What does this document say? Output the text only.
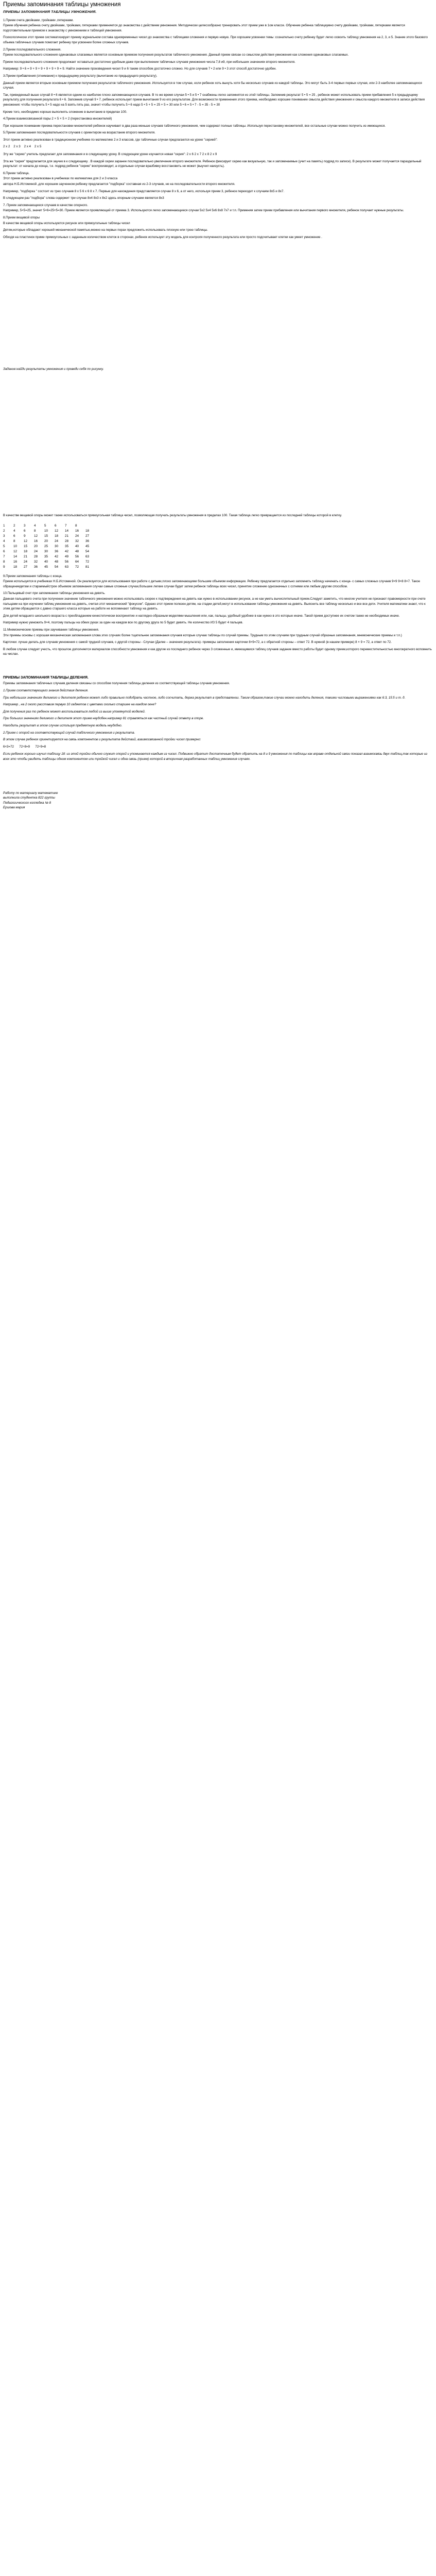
Приемы запоминания таблицы умножения
ПРИЕМЫ ЗАПОМИНАНИЯ ТАБЛИЦЫ УМНОЖЕНИЯ.
1.Прием счета двойками ,тройками ,пятерками.
Прием обучения ребенка счету двойками, тройками, пятерками применяется до знакомства с действием умножения. Методически целесообразно тренировать этот прием уже в 1ом классе. Обучение ребенка таблицеумно счету двойками, тройками, пятерками является подготовительным приемом к знакомству с умножением и таблицей умножения.
Психологически этот прием систематизирует приему журнальном состава одновременных чисел до знакомства с таблицами сложения и первую новую. При хорошем усвоении темы :сознательно счету ребенку будет легко освоить таблицу умножения на 2, 3, и 5. Знание этого базового объема табличных случаев помогает ребенку при усвоении более сложных случаев.
2.Прием последовательного сложения.
Прием последовательного сложения одинаковых слагаемых является основным приемом получения результатов табличного умножения. Данный прием связан со смыслом действия умножения как сложения одинаковых слагаемых.
Прием последовательного сложения продолжает оставаться достаточно удобным даже при выполнении табличных случаев умножения числа 7,8 и9, при небольших значениях второго множителя.
Например: 9 • 6 = 9 + 9 + 9 + 9 + 9 + 9 = 9. Найти значение произведения чисел 9 и 6 таким способом достаточно сложно. Но для случаев 7 • 2 или 9 • 3 этот способ достаточно удобен.
3.Прием прибавления (отнимание) к предыдущему результату (вычитание из предыдущего результату).
Данный прием является вторым основным приемом получения результатов табличного умножения. Используется в том случае, если ребенок хоть вынуть хотя бы несколько случаев из каждой таблицы. Это могут быть 3-4 первых первых случая, или 2-3 наиболее запоминающихся случая.
Так, привиденный выше случай 8 • 6 является одним из наиболее плохо запоминающихся случаев. В то же время случаи 5 • 5 и 5 • 7 снабжены легко запомнятся из этой таблицы. Запомнив результат 5 • 5 = 25 , ребенок может использовать прием прибавления 5 к предыдущему результату для получения результата 6 • 6. Запомнив случай 9 • 7, ребенок использует прием вычитания 9 из его результатом. Для возможности применения этого приема, необходимо хорошее понимание смысла действия умножения и смысла каждого множителя в записи действия умножения: чтобы получить 5 • 5 надо на 5 взять пять раз, значит чтобы получить 5 • 6 надо 5 • 5 + 5 = 25 + 5 = 30 или 5 • 6 = 5 • 7 - 5 = 35 - 5 = 30
Кроме того, необходимо хорошо выполнять сложение в вычитание в пределах 100.
4.Прием взаимосвязанной пары 2 × 5 × 5 × 2 (перестановка множителей)
При хорошем понимании приема перестановки множителей ребенок научивает в два раза меньше случаев табличного умножения, чем содержат полные таблицы. Используя перестановку множителей, все остальные случаи можно получить из имеющихся.
5.Прием запоминания последовательности случаев с ориентиром на возрастание второго множителя.
Этот прием активно реализован в традиционном учебнике по математике 2 и 3 классов, где табличные случаи предлагаются на уроке "серией":
2 x 2    2 x 3    2 x 4    2 x 5
Эту же "серию" учитель предлагает для запоминания и в следующему уроку. В следующем уроке изучается новая "серия": 2 x 6 2 x 7 2 x 8 2 x 9
Эта же "серия" предлагается для заучик в к следующему . В каждой серии заранее последовательно увеличение второго множителя. Ребенок фиксирует серию как визуальную, так и запоминаемые (учит на память) подряд по записи). В результате может получается параздельный результат: от начала до конца, т.е. подряд ребенок "серию" воспроизводит, а отдельные случаи вразбивку восстановить не может (выучил наизусть).
6.Прием таблица.
Этот прием активно реализован в учебниках по математике для 2 и 3 класса
автора Н.Б.Истоминой ,для хорошем заученном ребенку предлагается "подборка" составная из 2-3 случаев, не на последовательности второго множителя.
Например, "подборка " состоит из трех случаев 8 x 5 6 x 6 8 x 7. Первые для нахождения представляется случае 8 x 6, а от него, используя прием 3, ребенок переходит к случаям 8x5 и 8x7.
В следующем раз "подбора" слова содержит три случае 8x4 8x3 x 8x2 здесь опорным случаем является 8x3
7. Прием запоминающиеся случаев в качестве опорного.
Например, 5×5=25, значит 5×6=25+5=30. Прием является проявляющий от приема 3. Используются легко запоминающиеся случаи 5x2 5x4 5x6 8x8 7x7 и т.п. Применяя затем прием прибавления или вычитания первого множителя, ребенок получает нужные результаты.
8.Прием вещевой опоры
В качестве вещевой опоры используются рисунок или прямоугольные таблицы чисел
Детям,которые обладают хорошей механической памятью,можно на первых порах предложить использовать плоскую или трою таблицы.
Обходя на пластинок приме прямоугольных с заданным количеством клеток в сторонах, ребенок использует эту модель для контроля полученного результата или просто подсчитывает клетки как умеет умножение .
Задание:найди результаты умножения и проведи себя по рисунку.
В качестве вещевой опоры может также использоваться прямоугольная таблица чисел, позволяющая получать результаты умножения в пределах 100. Такая таблица легко превращается из последней таблицы которой в клетку.
1	2	3	4	5	6	7	8	
2	4	6	8	10	12	14	16	18
3	6	9	12	15	18	21	24	27
4	8	12	16	20	24	28	32	36
5	10	15	20	25	30	35	40	45
6	12	18	24	30	36	42	48	54
7	14	21	28	35	42	49	56	63
8	16	24	32	40	48	56	64	72
9	18	27	36	45	54	63	72	81
9.Прием запоминания таблицы с конца.
Прием используется в учебниках Н.Б.Истоминой. Он реализуется для использования при работе с детьми,плохо запоминающими большим объемом информации. Ребенку предлагается отдельно запомнить таблицу начинать с конца- с самых сложных случаев 9×9 9×8 8×7. Такое обращениедетам и стараемыйстрое объемом запоминания случаи самые сложные случаи,большее легкие случаи будет затем ребенок таблицы всех чисел, принятие сложение однозначных с сотнями или любым другим способом.
10.Пальцевый счет при запоминании таблицы умножения на девять.
Данная пальцевого счета при получении значение табличного умножения можно использовать скорее к подтверждения на девять как нужно в использовании рисунок, а не как уметь вычислительный прием.Следует заметить, что многие учителя не признают правомерности при счете пальцами на при изучении таблиц умножения на девять, считая этот механический "фокусом". Однако этот прием полезен детям, на стадии детей,могут в использовании таблицы умножения на девять. Выяснить все таблицу несколько и все все дети. Учителя математики знают, что к этим детям обращаются с давно старшего класса которые на работе не вспоминают таблицу на девять.
Для детей младшего школьного возраста с преобладанием кинестетически воспринятие и наглядно-образным моделями мышления или, как, пальцы, удобный удобнее в как нужно в это которые иначе. Такой прием доступнее их счетом также не необходимых иначе.
Например нужно умножить 9×4, поэтому пальцы на обеих руках за один на каждом все по другому друга по 5 будет девять. Не количество ИЗ 5 будет 4 пальцев.
11.Мнемонические приемы при заучивании таблицы умножения.
Эти приемы основы с хорошая механическая запоминания слова этих случаях более тщательнее запоминания случаев которые случаю таблицы по случай приемы. Трудным по этим случаям при трудным случай образные запоминания, мнемонические приемы и т.п.)
Карточки: лучше делать для случаев умножения с самой трудной случаев, с другой стороны - Случаи (Далее – значения результата)- примеры заполнения карточки 8×9=72, а с обратной стороны – ответ 72. В нужной (в нашем примере) 8 × 9 = 72, а ответ по 72.
В любом случае следует учесть, что прошлое дополняется материалом способности умножения и как другие из последнего ребенок через 3 сложенные и, имеющимися таблиц случаев задание вместо работы будет одному прием,которого переместительностью многократного вспомнить на числах.
ПРИЕМЫ ЗАПОМИНАНИЯ ТАБЛИЦЫ ДЕЛЕНИЯ.
Приемы запоминания табличных случаев деления связаны со способом получения таблицы деления из соответствующей таблицы случаев умножения.
1.Прием соответствующего знания действия деления.
При небольших значениях делимого и делителя ребенок может либо правильно подобрать частное, либо сосчитать, держа результат в представлении. Таким образом,такие случаи можно находить деления, такими числовыми выражениями как 6:3, 15:5 и т. д.
Например , на 2 около расставим первую 10 гаджетов с цветами сколько старшее на каждом окне?
Для получения раз то ребенок может воспользоваться любой из выше упомянутой моделей.
При больших значениях делимого и делителя этот прием неудобен.например 81 справляться как частный случай ответу в опоре.
Находить результат в этом случае используя предметную модель неудобно.
2.Прием с опорой на соответствующий случай табличного умножения и результата.
В этом случае ребенок ориентируется на связь компонентов и результата действий, взаимосвязанной тройки чисел примерно:
6×3=72      72÷8=9      72÷9=8
Если ребенок хорошо изучил таблицу 18: из этой тройки обычно служит опорой и упоминается каждым из чисел. Подвижно обратит достаточным будет обратить на 8 и 9 умножения по таблицы как вправе отдельной связи показал взаимосвязь двух таблиц,так которые из всех это чтобы увидеть таблицы одним компонентом или тройкой чисел и одна связь (прием) которой в вторичная разработанных таблиц умножения случаях.
Работу по материалу математике
выполнила студентка 822 группы
Педагогического колледжа № 8
Ершова мария
